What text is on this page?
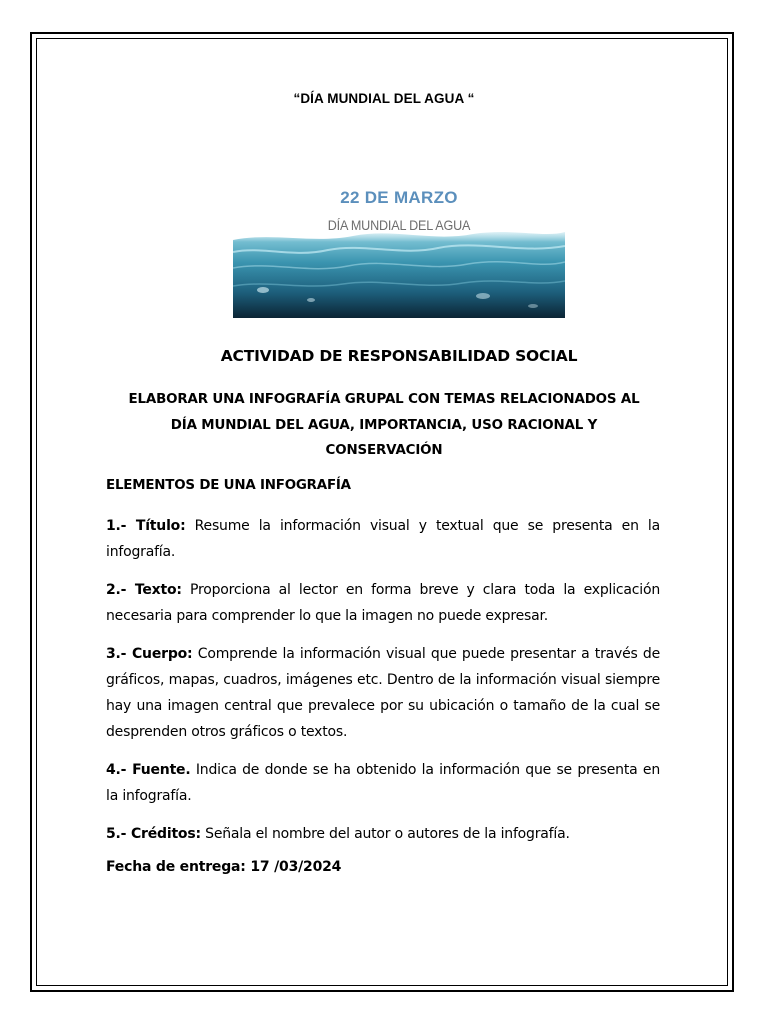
“DÍA MUNDIAL DEL AGUA “
22 DE MARZO
DÍA MUNDIAL DEL AGUA
ACTIVIDAD DE RESPONSABILIDAD SOCIAL
ELABORAR UNA INFOGRAFÍA GRUPAL CON TEMAS RELACIONADOS AL
DÍA MUNDIAL DEL AGUA, IMPORTANCIA, USO RACIONAL Y
CONSERVACIÓN
ELEMENTOS DE UNA INFOGRAFÍA

1.- Título: Resume la información visual y textual que se presenta en la infografía.

2.- Texto: Proporciona al lector en forma breve y clara toda la explicación necesaria para comprender lo que la imagen no puede expresar.

3.- Cuerpo: Comprende la información visual que puede presentar a través de gráficos, mapas, cuadros, imágenes etc. Dentro de la información visual siempre hay una imagen central que prevalece por su ubicación o tamaño de la cual se desprenden otros gráficos o textos.

4.- Fuente. Indica de donde se ha obtenido la información que se presenta en la infografía.

5.- Créditos: Señala el nombre del autor o autores de la infografía.

Fecha de entrega: 17 /03/2024
